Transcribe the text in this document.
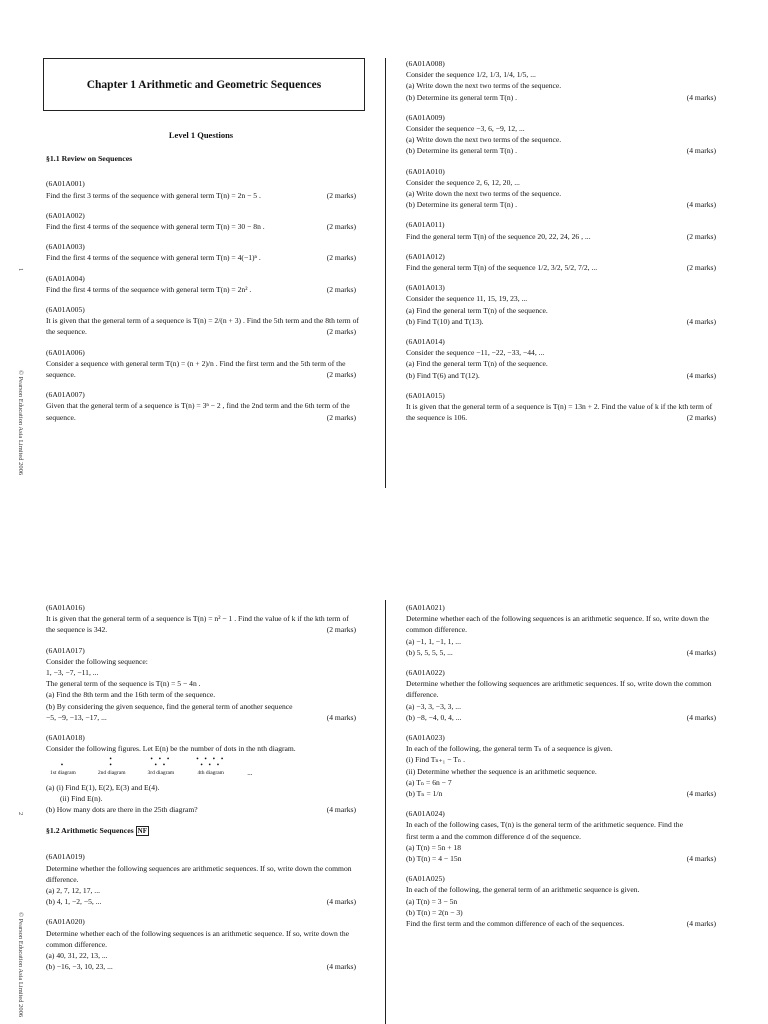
1
© Pearson Education Asia Limited 2006
2
© Pearson Education Asia Limited 2006
Chapter 1 Arithmetic and Geometric Sequences
Level 1 Questions
§1.1 Review on Sequences
(6A01A001)
Find the first 3 terms of the sequence with general term T(n) = 2n − 5 .	(2 marks)
(6A01A002)
Find the first 4 terms of the sequence with general term T(n) = 30 − 8n .	(2 marks)
(6A01A003)
Find the first 4 terms of the sequence with general term T(n) = 4(−1)ⁿ .	(2 marks)
(6A01A004)
Find the first 4 terms of the sequence with general term T(n) = 2n² .	(2 marks)
(6A01A005)
It is given that the general term of a sequence is T(n) = 2/(n + 3) . Find the 5th term and the 8th term of
the sequence.	(2 marks)
(6A01A006)
Consider a sequence with general term T(n) = (n + 2)/n . Find the first term and the 5th term of the
sequence.	(2 marks)
(6A01A007)
Given that the general term of a sequence is T(n) = 3ⁿ − 2 , find the 2nd term and the 6th term of the
sequence.	(2 marks)
(6A01A008)
Consider the sequence 1/2, 1/3, 1/4, 1/5, ...
(a) Write down the next two terms of the sequence.
(b) Determine its general term T(n) .	(4 marks)
(6A01A009)
Consider the sequence −3, 6, −9, 12, ...
(a) Write down the next two terms of the sequence.
(b) Determine its general term T(n) .	(4 marks)
(6A01A010)
Consider the sequence 2, 6, 12, 20, ...
(a) Write down the next two terms of the sequence.
(b) Determine its general term T(n) .	(4 marks)
(6A01A011)
Find the general term T(n) of the sequence 20, 22, 24, 26 , ...	(2 marks)
(6A01A012)
Find the general term T(n) of the sequence 1/2, 3/2, 5/2, 7/2, ...	(2 marks)
(6A01A013)
Consider the sequence 11, 15, 19, 23, ...
(a) Find the general term T(n) of the sequence.
(b) Find T(10) and T(13).	(4 marks)
(6A01A014)
Consider the sequence −11, −22, −33, −44, ...
(a) Find the general term T(n) of the sequence.
(b) Find T(6) and T(12).	(4 marks)
(6A01A015)
It is given that the general term of a sequence is T(n) = 13n + 2. Find the value of k if the kth term of
the sequence is 106.	(2 marks)
(6A01A016)
It is given that the general term of a sequence is T(n) = n² − 1 . Find the value of k if the kth term of
the sequence is 342.	(2 marks)
(6A01A017)
Consider the following sequence:
1, −3, −7, −11, ...
The general term of the sequence is T(n) = 5 − 4n .
(a) Find the 8th term and the 16th term of the sequence.
(b) By considering the given sequence, find the general term of another sequence
−5, −9, −13, −17, ...	(4 marks)
(6A01A018)
Consider the following figures. Let E(n) be the number of dots in the nth diagram.
•
1st diagram
•
•
2nd diagram
• • •
• •
3rd diagram
• • • •
• • •
4th diagram	...
(a) (i) Find E(1), E(2), E(3) and E(4).
(ii) Find E(n).
(b) How many dots are there in the 25th diagram?	(4 marks)
§1.2 Arithmetic Sequences NF
(6A01A019)
Determine whether the following sequences are arithmetic sequences. If so, write down the common
difference.
(a) 2, 7, 12, 17, ...
(b) 4, 1, −2, −5, ...	(4 marks)
(6A01A020)
Determine whether each of the following sequences is an arithmetic sequence. If so, write down the
common difference.
(a) 40, 31, 22, 13, ...
(b) −16, −3, 10, 23, ...	(4 marks)
(6A01A021)
Determine whether each of the following sequences is an arithmetic sequence. If so, write down the
common difference.
(a) −1, 1, −1, 1, ...
(b) 5, 5, 5, 5, ...	(4 marks)
(6A01A022)
Determine whether the following sequences are arithmetic sequences. If so, write down the common
difference.
(a) −3, 3, −3, 3, ...
(b) −8, −4, 0, 4, ...	(4 marks)
(6A01A023)
In each of the following, the general term Tₙ of a sequence is given.
(i) Find Tₙ₊₁ − Tₙ .
(ii) Determine whether the sequence is an arithmetic sequence.
(a) Tₙ = 6n − 7
(b) Tₙ = 1/n	(4 marks)
(6A01A024)
In each of the following cases, T(n) is the general term of the arithmetic sequence. Find the
first term a and the common difference d of the sequence.
(a) T(n) = 5n + 18
(b) T(n) = 4 − 15n	(4 marks)
(6A01A025)
In each of the following, the general term of an arithmetic sequence is given.
(a) T(n) = 3 − 5n
(b) T(n) = 2(n − 3)
Find the first term and the common difference of each of the sequences.	(4 marks)
